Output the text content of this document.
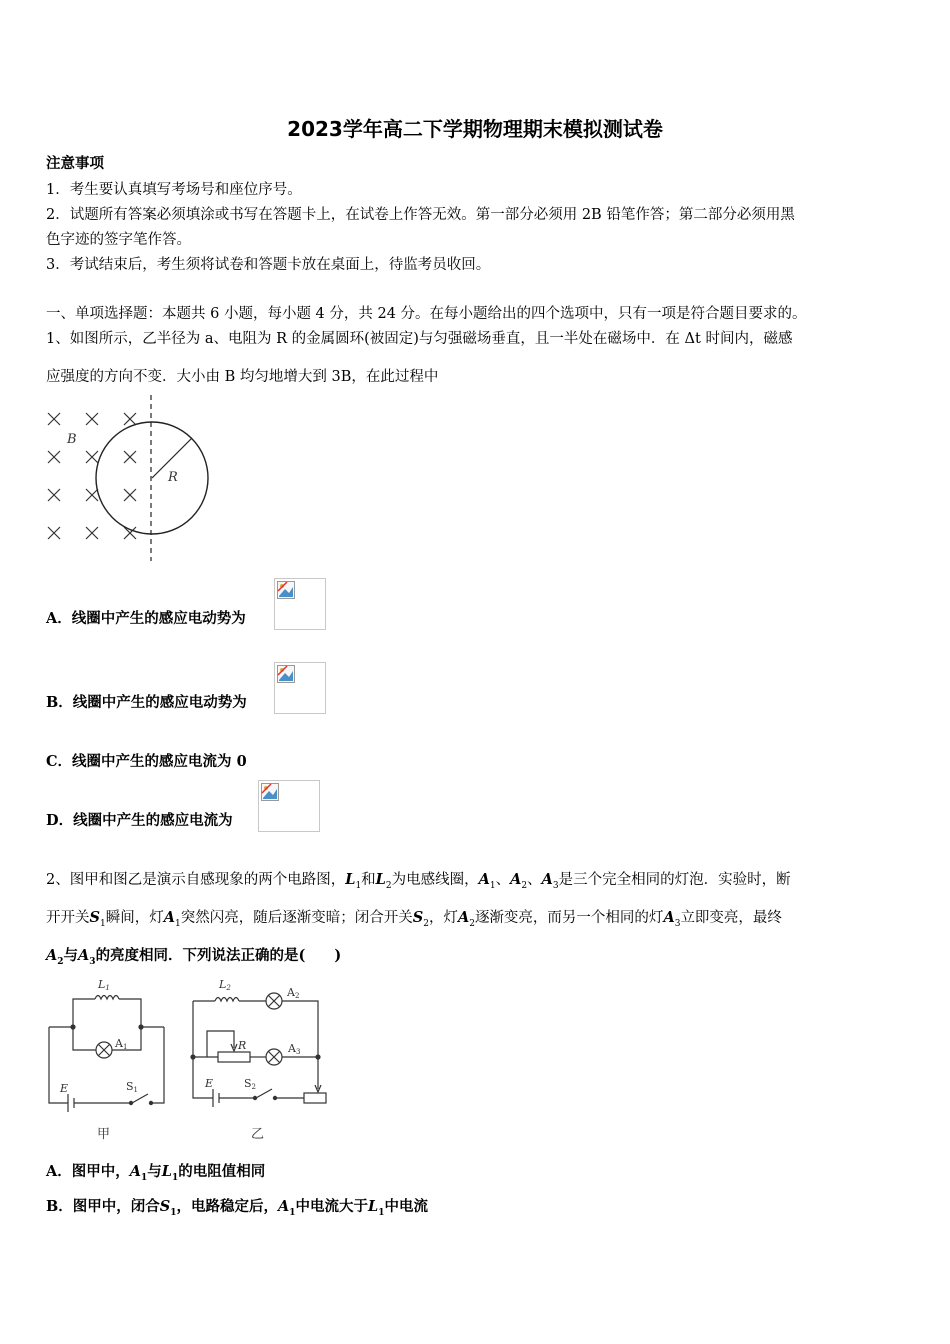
2023学年高二下学期物理期末模拟测试卷
注意事项
1．考生要认真填写考场号和座位序号。
2．试题所有答案必须填涂或书写在答题卡上，在试卷上作答无效。第一部分必须用 2B 铅笔作答；第二部分必须用黑
色字迹的签字笔作答。
3．考试结束后，考生须将试卷和答题卡放在桌面上，待监考员收回。
一、单项选择题：本题共 6 小题，每小题 4 分，共 24 分。在每小题给出的四个选项中，只有一项是符合题目要求的。
1、如图所示，乙半径为 a、电阻为 R 的金属圆环(被固定)与匀强磁场垂直，且一半处在磁场中．在 Δt 时间内，磁感
应强度的方向不变．大小由 B 均匀地增大到 3B，在此过程中
B
R
A．线圈中产生的感应电动势为
B．线圈中产生的感应电动势为
C．线圈中产生的感应电流为 0
D．线圈中产生的感应电流为
2、图甲和图乙是演示自感现象的两个电路图，$L_1$和$L_2$为电感线圈，$A_1$、$A_2$、$A_3$是三个完全相同的灯泡．实验时，断
开开关$S_1$瞬间，灯$A_1$突然闪亮，随后逐渐变暗；闭合开关$S_2$，灯$A_2$逐渐变亮，而另一个相同的灯$A_3$立即变亮，最终
$A_2$与$A_3$的亮度相同．下列说法正确的是(　　)
L1
A1
E	S1
L2	A2
R	A3
E	S2
甲	乙
A．图甲中，$A_1$与$L_1$的电阻值相同
B．图甲中，闭合$S_1$，电路稳定后，$A_1$中电流大于$L_1$中电流
